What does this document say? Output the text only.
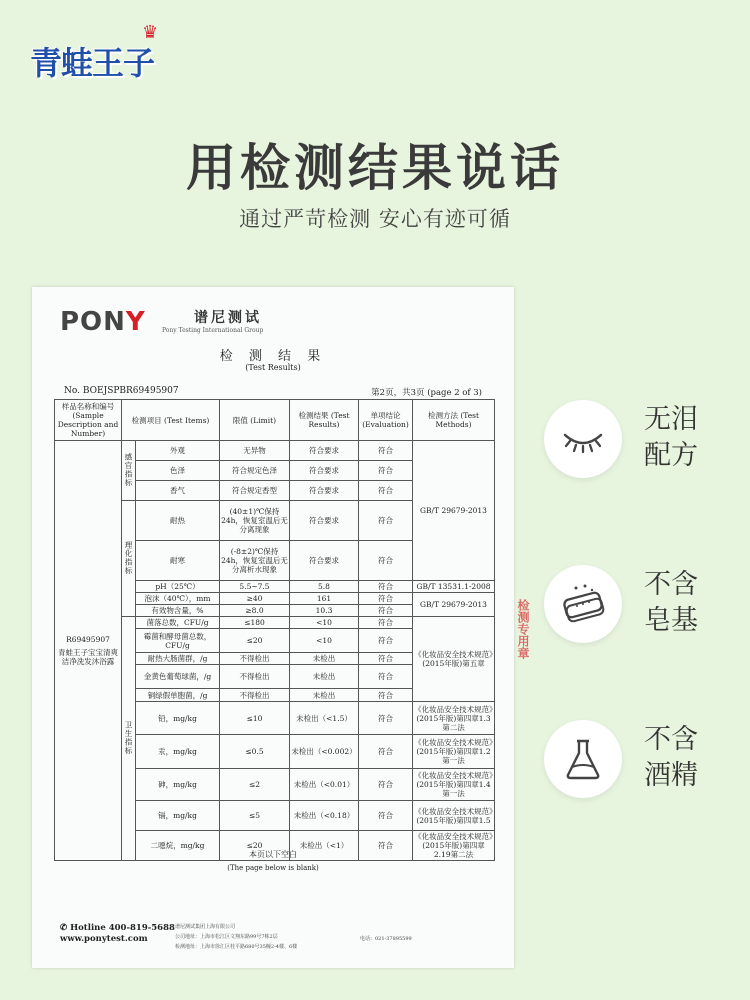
♛
青蛙王子
用检测结果说话
通过严苛检测 安心有迹可循
PONY	谱尼测试
Pony Testing International Group
检 测 结 果
(Test Results)
No. BOEJSPBR69495907	第2页，共3页 (page 2 of 3)
样品名称和编号 (Sample Description and Number)	检测项目 (Test Items)		限值 (Limit)	检测结果 (Test Results)	单项结论 (Evaluation)	检测方法 (Test Methods)

R69495907
青蛙王子宝宝清爽洁净洗发沐浴露	感官指标	外观	无异物	符合要求	符合	GB/T 29679-2013
		色泽	符合规定色泽	符合要求	符合	
		香气	符合规定香型	符合要求	符合	
	理化指标	耐热	(40±1)℃保持24h，恢复室温后无分离现象	符合要求	符合	
		耐寒	(-8±2)℃保持24h，恢复室温后无分离析水现象	符合要求	符合	
		pH（25℃）	5.5~7.5	5.8	符合	GB/T 13531.1-2008
		泡沫（40℃），mm	≥40	161	符合	GB/T 29679-2013
		有效物含量，%	≥8.0	10.3	符合	
	卫生指标	菌落总数，CFU/g	≤180	<10	符合	《化妆品安全技术规范》(2015年版)第五章
		霉菌和酵母菌总数，CFU/g	≤20	<10	符合	
		耐热大肠菌群，/g	不得检出	未检出	符合	
		金黄色葡萄球菌，/g	不得检出	未检出	符合	
		铜绿假单胞菌，/g	不得检出	未检出	符合	
		铅，mg/kg	≤10	未检出（<1.5）	符合	《化妆品安全技术规范》(2015年版)第四章1.3第二法
		汞，mg/kg	≤0.5	未检出（<0.002）	符合	《化妆品安全技术规范》(2015年版)第四章1.2第一法
		砷，mg/kg	≤2	未检出（<0.01）	符合	《化妆品安全技术规范》(2015年版)第四章1.4第一法
		镉，mg/kg	≤5	未检出（<0.18）	符合	《化妆品安全技术规范》(2015年版)第四章1.5
		二噁烷，mg/kg	≤20	未检出（<1）	符合	《化妆品安全技术规范》(2015年版)第四章2.19第二法
检测专用章
本页以下空白
(The page below is blank)
✆ Hotline 400-819-5688
www.ponytest.com
谱尼测试集团上海有限公司
公司地址：上海市松江区文翔东路99号7栋2层
检测地址：上海市徐汇区桂平路680号35幢2-4楼、6楼
电话：021-37895599
无泪配方
不含皂基
不含酒精
